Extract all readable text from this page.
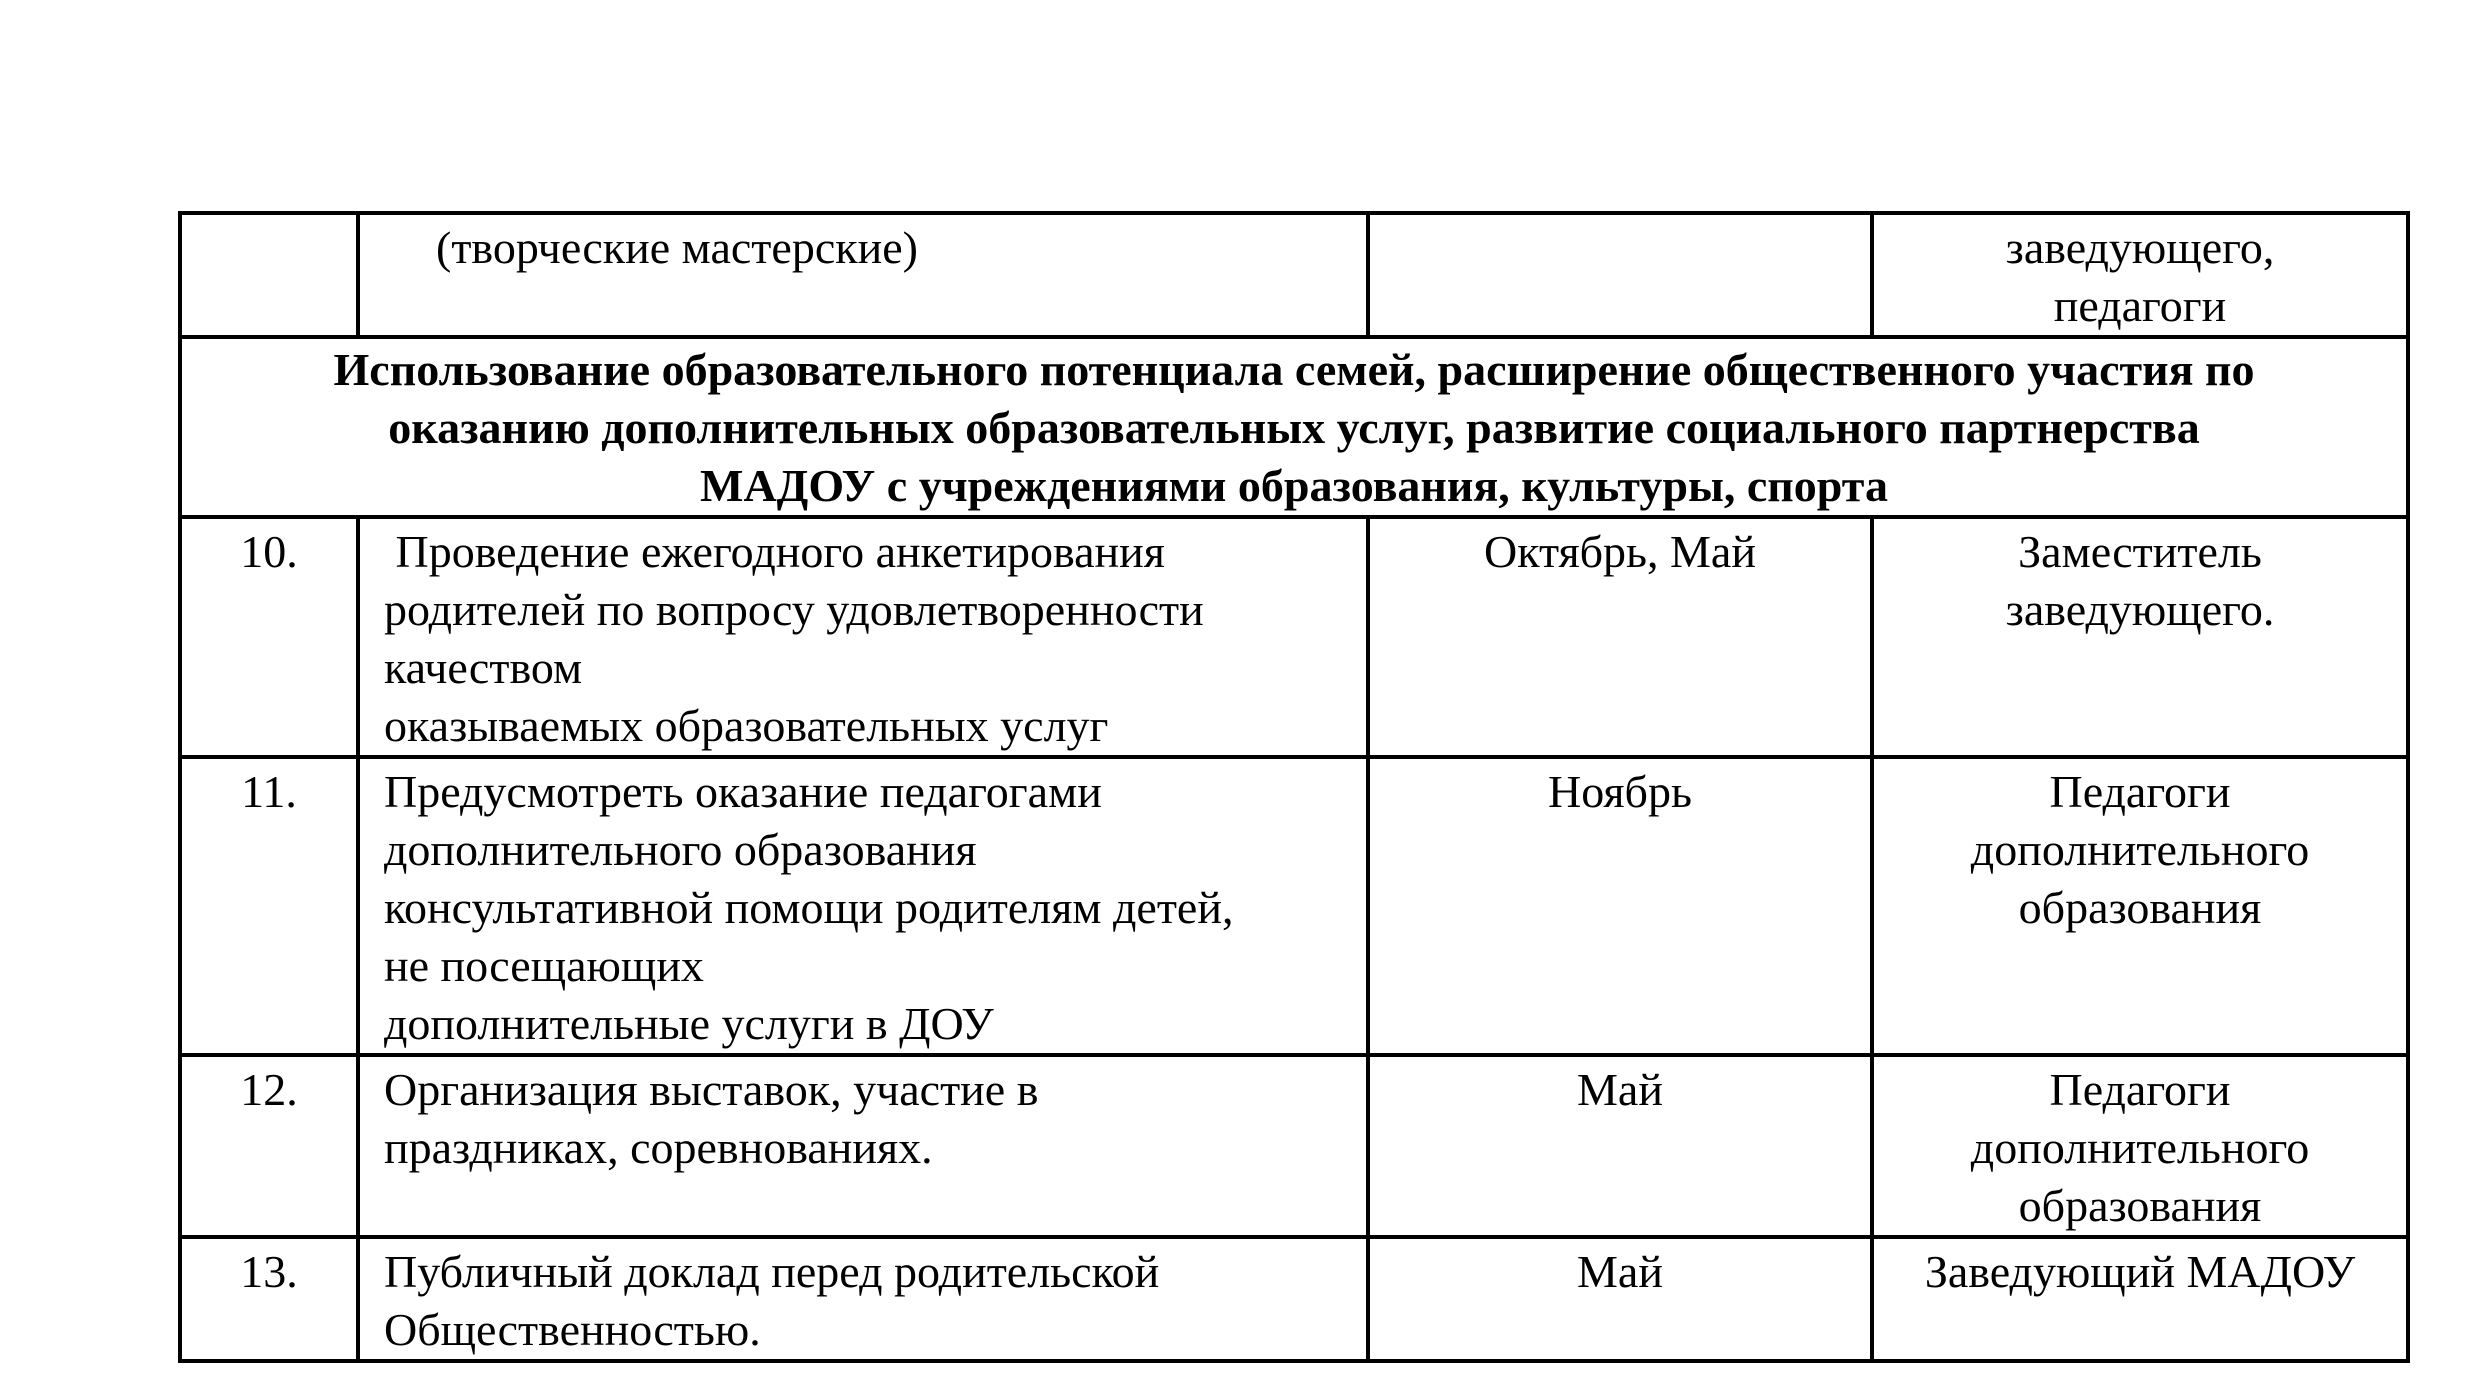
	(творческие мастерские)		заведующего,
педагоги

Использование образовательного потенциала семей, расширение общественного участия по
оказанию дополнительных образовательных услуг, развитие социального партнерства
МАДОУ с учреждениями образования, культуры, спорта			

10.	Проведение ежегодного анкетирования
родителей по вопросу удовлетворенности
качеством
оказываемых образовательных услуг	Октябрь, Май	Заместитель
заведующего.

11.	Предусмотреть оказание педагогами
дополнительного образования
консультативной помощи родителям детей,
не посещающих
дополнительные услуги в ДОУ	Ноябрь	Педагоги
дополнительного
образования

12.	Организация выставок, участие в
праздниках, соревнованиях.	Май	Педагоги
дополнительного
образования

13.	Публичный доклад перед родительской
Общественностью.	Май	Заведующий МАДОУ
